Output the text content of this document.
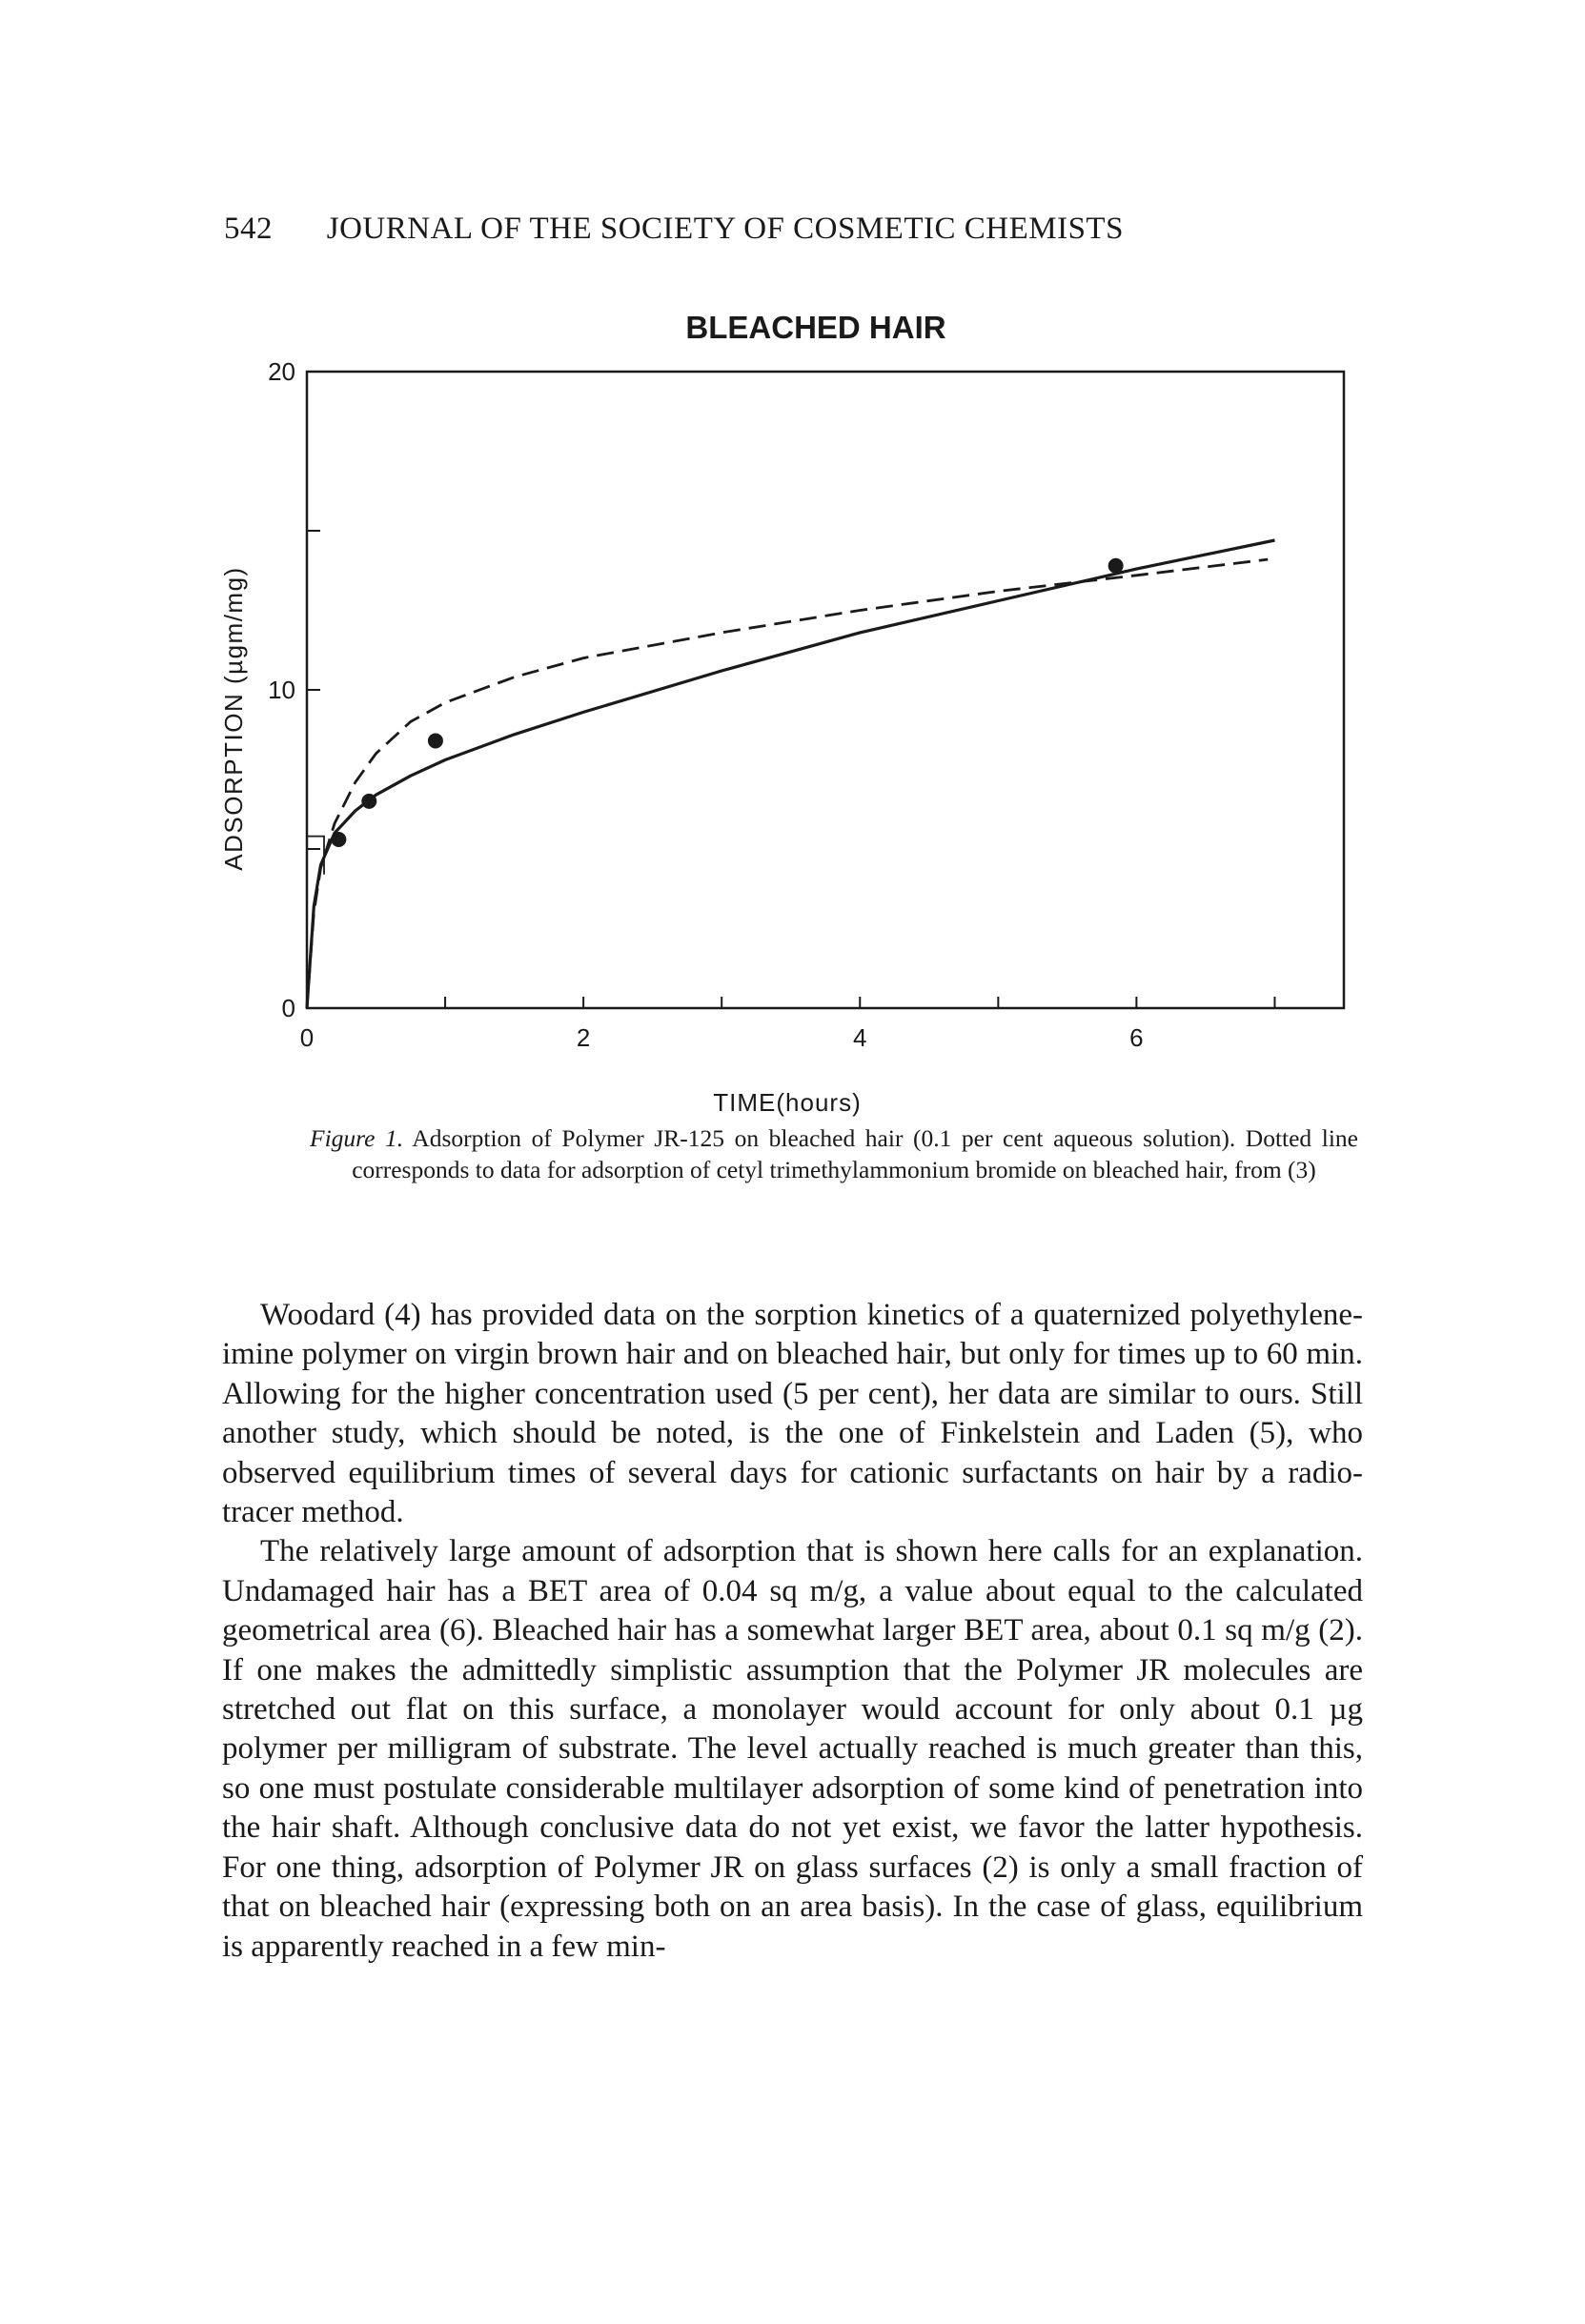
542 JOURNAL OF THE SOCIETY OF COSMETIC CHEMISTS
BLEACHED HAIR
0	2	4	6
0
10
20
TIME(hours)
ADSORPTION (µgm/mg)
Figure 1. Adsorption of Polymer JR-125 on bleached hair (0.1 per cent aqueous solution). Dotted line corresponds to data for adsorption of cetyl trimethylammonium bromide on bleached hair, from (3)

Woodard (4) has provided data on the sorption kinetics of a quaternized polyethylene-imine polymer on virgin brown hair and on bleached hair, but only for times up to 60 min. Allowing for the higher concentration used (5 per cent), her data are similar to ours. Still another study, which should be noted, is the one of Finkelstein and Laden (5), who observed equilibrium times of several days for cationic surfactants on hair by a radio-tracer method.

The relatively large amount of adsorption that is shown here calls for an explanation. Undamaged hair has a BET area of 0.04 sq m/g, a value about equal to the calculated geometrical area (6). Bleached hair has a somewhat larger BET area, about 0.1 sq m/g (2). If one makes the admittedly simplistic assumption that the Polymer JR molecules are stretched out flat on this surface, a monolayer would account for only about 0.1 µg polymer per milligram of substrate. The level actually reached is much greater than this, so one must postulate considerable multilayer adsorption of some kind of penetration into the hair shaft. Although conclusive data do not yet exist, we favor the latter hypothesis. For one thing, adsorption of Polymer JR on glass surfaces (2) is only a small fraction of that on bleached hair (expressing both on an area basis). In the case of glass, equilibrium is apparently reached in a few min-
